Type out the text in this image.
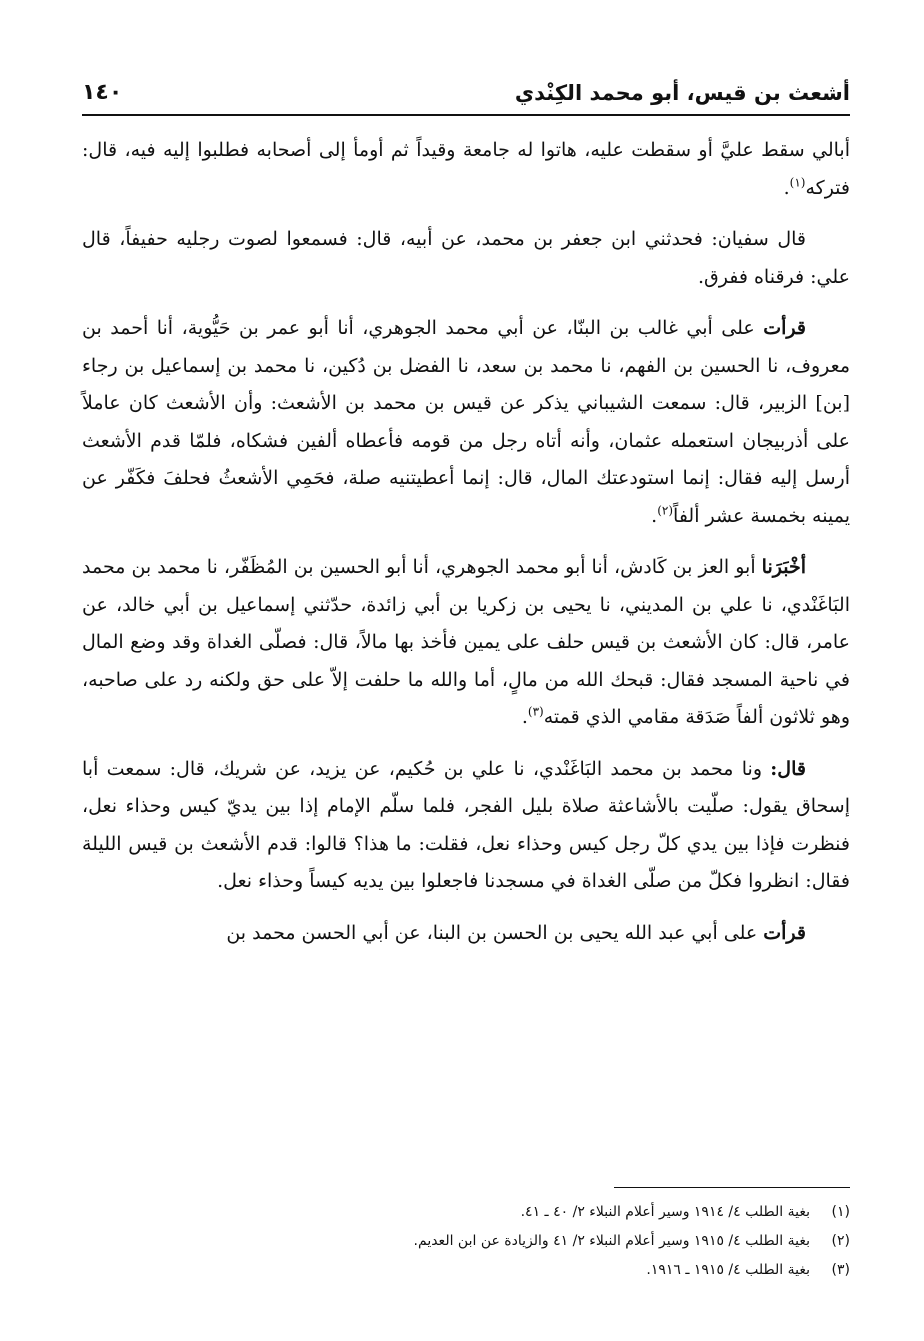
أشعث بن قيس، أبو محمد الكِنْدي
١٤٠

أبالي سقط عليَّ أو سقطت عليه، هاتوا له جامعة وقيداً ثم أومأ إلى أصحابه فطلبوا إليه فيه، قال: فتركه$^{(١)}$.

قال سفيان: فحدثني ابن جعفر بن محمد، عن أبيه، قال: فسمعوا لصوت رجليه حفيفاً، قال علي: فرقناه ففرق.

قرأت على أبي غالب بن البنّا، عن أبي محمد الجوهري، أنا أبو عمر بن حَيُّوية، أنا أحمد بن معروف، نا الحسين بن الفهم، نا محمد بن سعد، نا الفضل بن دُكين، نا محمد بن إسماعيل بن رجاء [بن] الزبير، قال: سمعت الشيباني يذكر عن قيس بن محمد بن الأشعث: وأن الأشعث كان عاملاً على أذربيجان استعمله عثمان، وأنه أتاه رجل من قومه فأعطاه ألفين فشكاه، فلمّا قدم الأشعث أرسل إليه فقال: إنما استودعتك المال، قال: إنما أعطيتنيه صلة، فحَمِي الأشعثُ فحلفَ فكَفّر عن يمينه بخمسة عشر ألفاً$^{(٢)}$.

أخْبَرَنا أبو العز بن كَادش، أنا أبو محمد الجوهري، أنا أبو الحسين بن المُظَفّر، نا محمد بن محمد البَاغَنْدي، نا علي بن المديني، نا يحيى بن زكريا بن أبي زائدة، حدّثني إسماعيل بن أبي خالد، عن عامر، قال: كان الأشعث بن قيس حلف على يمين فأخذ بها مالاً، قال: فصلّى الغداة وقد وضع المال في ناحية المسجد فقال: قبحك الله من مالٍ، أما والله ما حلفت إلاّ على حق ولكنه رد على صاحبه، وهو ثلاثون ألفاً صَدَقة مقامي الذي قمته$^{(٣)}$.

قال: ونا محمد بن محمد البَاغَنْدي، نا علي بن حُكيم، عن يزيد، عن شريك، قال: سمعت أبا إسحاق يقول: صلّيت بالأشاعثة صلاة بليل الفجر، فلما سلّم الإمام إذا بين يديّ كيس وحذاء نعل، فنظرت فإذا بين يدي كلّ رجل كيس وحذاء نعل، فقلت: ما هذا؟ قالوا: قدم الأشعث بن قيس الليلة فقال: انظروا فكلّ من صلّى الغداة في مسجدنا فاجعلوا بين يديه كيساً وحذاء نعل.

قرأت على أبي عبد الله يحيى بن الحسن بن البنا، عن أبي الحسن محمد بن

(١)بغية الطلب ٤/ ١٩١٤ وسير أعلام النبلاء ٢/ ٤٠ ـ ٤١.
(٢)بغية الطلب ٤/ ١٩١٥ وسير أعلام النبلاء ٢/ ٤١ والزيادة عن ابن العديم.
(٣)بغية الطلب ٤/ ١٩١٥ ـ ١٩١٦.
